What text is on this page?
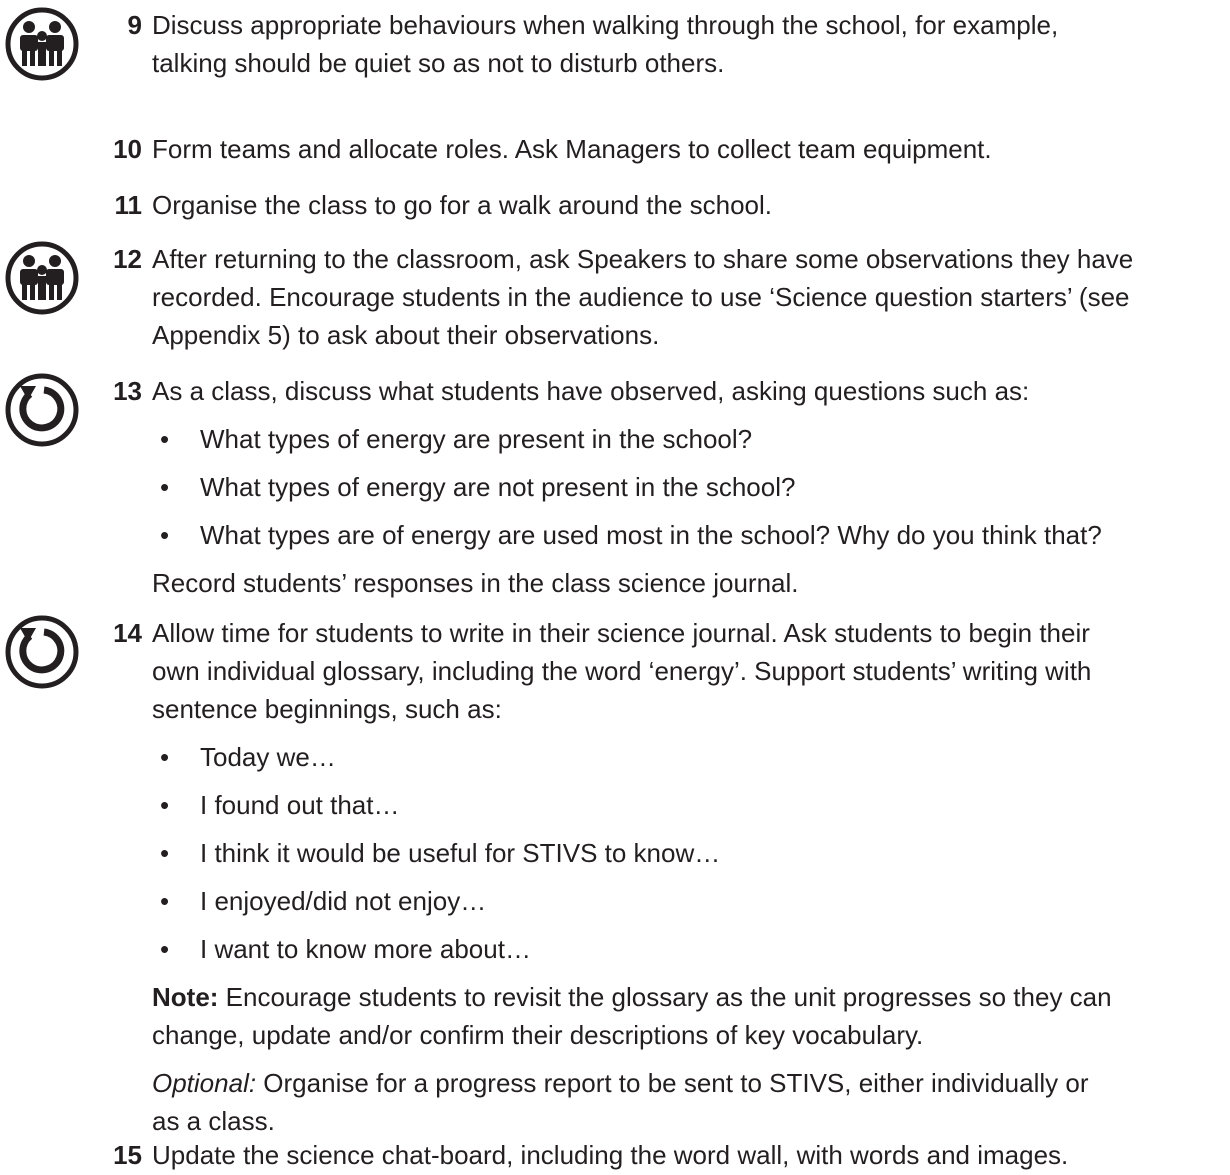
9 Discuss appropriate behaviours when walking through the school, for example,

talking should be quiet so as not to disturb others.

10 Form teams and allocate roles. Ask Managers to collect team equipment.

11 Organise the class to go for a walk around the school.

12 After returning to the classroom, ask Speakers to share some observations they have

recorded. Encourage students in the audience to use ‘Science question starters’ (see

Appendix 5) to ask about their observations.

13 As a class, discuss what students have observed, asking questions such as:

• What types of energy are present in the school?
• What types of energy are not present in the school?
• What types are of energy are used most in the school? Why do you think that?

Record students’ responses in the class science journal.

14 Allow time for students to write in their science journal. Ask students to begin their

own individual glossary, including the word ‘energy’. Support students’ writing with

sentence beginnings, such as:

• Today we…
• I found out that…
• I think it would be useful for STIVS to know…
• I enjoyed/did not enjoy…
• I want to know more about…

Note: Encourage students to revisit the glossary as the unit progresses so they can

change, update and/or confirm their descriptions of key vocabulary.

Optional: Organise for a progress report to be sent to STIVS, either individually or

as a class.

15 Update the science chat-board, including the word wall, with words and images.
